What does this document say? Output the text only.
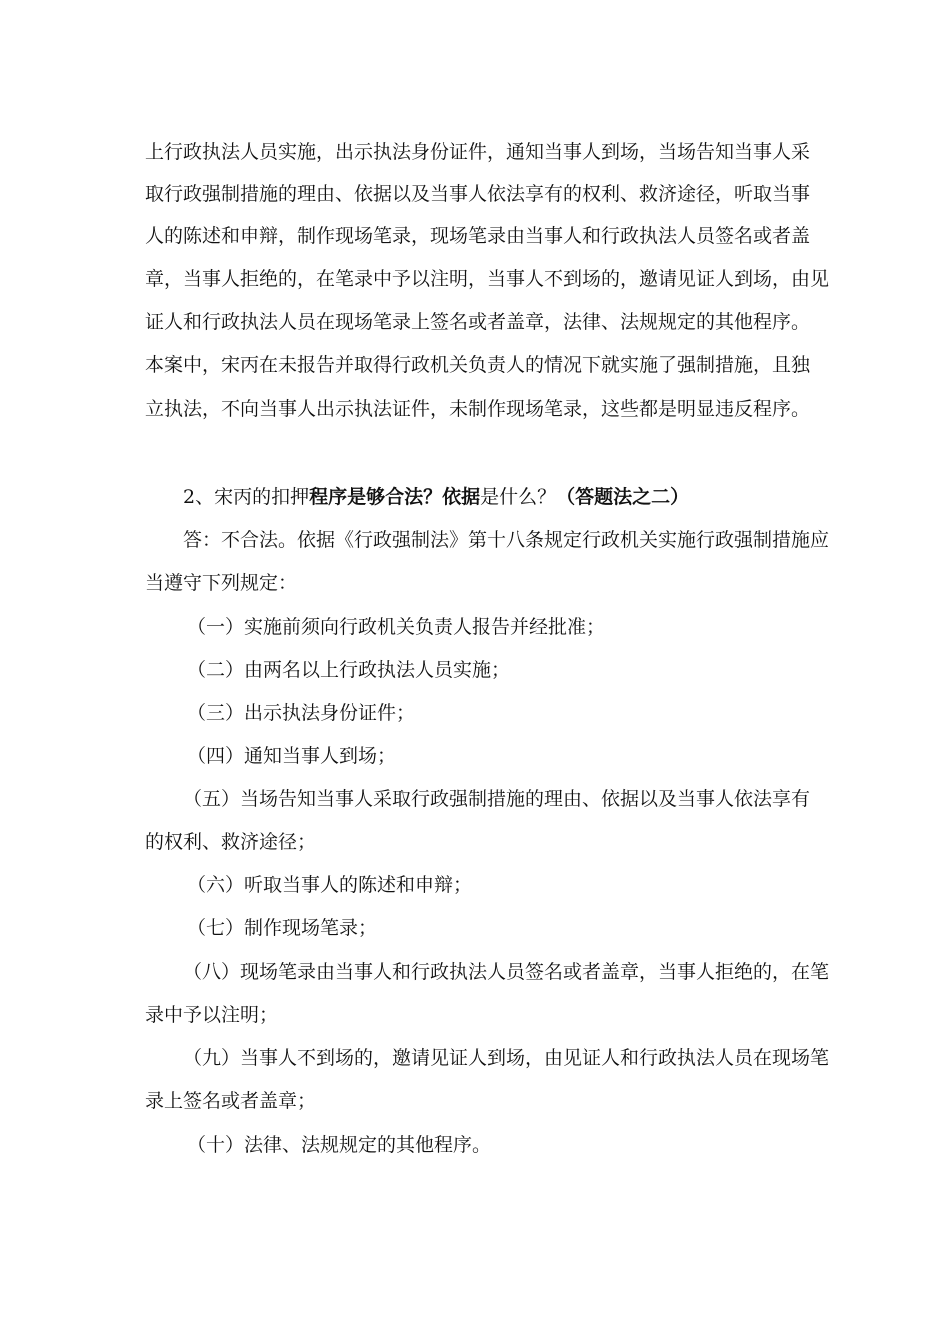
上行政执法人员实施，出示执法身份证件，通知当事人到场，当场告知当事人采
取行政强制措施的理由、依据以及当事人依法享有的权利、救济途径，听取当事
人的陈述和申辩，制作现场笔录，现场笔录由当事人和行政执法人员签名或者盖
章，当事人拒绝的，在笔录中予以注明，当事人不到场的，邀请见证人到场，由见
证人和行政执法人员在现场笔录上签名或者盖章，法律、法规规定的其他程序。
本案中，宋丙在未报告并取得行政机关负责人的情况下就实施了强制措施，且独
立执法，不向当事人出示执法证件，未制作现场笔录，这些都是明显违反程序。
2、宋丙的扣押程序是够合法？依据是什么？（答题法之二）
答：不合法。依据《行政强制法》第十八条规定行政机关实施行政强制措施应
当遵守下列规定：
（一）实施前须向行政机关负责人报告并经批准；
（二）由两名以上行政执法人员实施；
（三）出示执法身份证件；
（四）通知当事人到场；
（五）当场告知当事人采取行政强制措施的理由、依据以及当事人依法享有
的权利、救济途径；
（六）听取当事人的陈述和申辩；
（七）制作现场笔录；
（八）现场笔录由当事人和行政执法人员签名或者盖章，当事人拒绝的，在笔
录中予以注明；
（九）当事人不到场的，邀请见证人到场，由见证人和行政执法人员在现场笔
录上签名或者盖章；
（十）法律、法规规定的其他程序。
